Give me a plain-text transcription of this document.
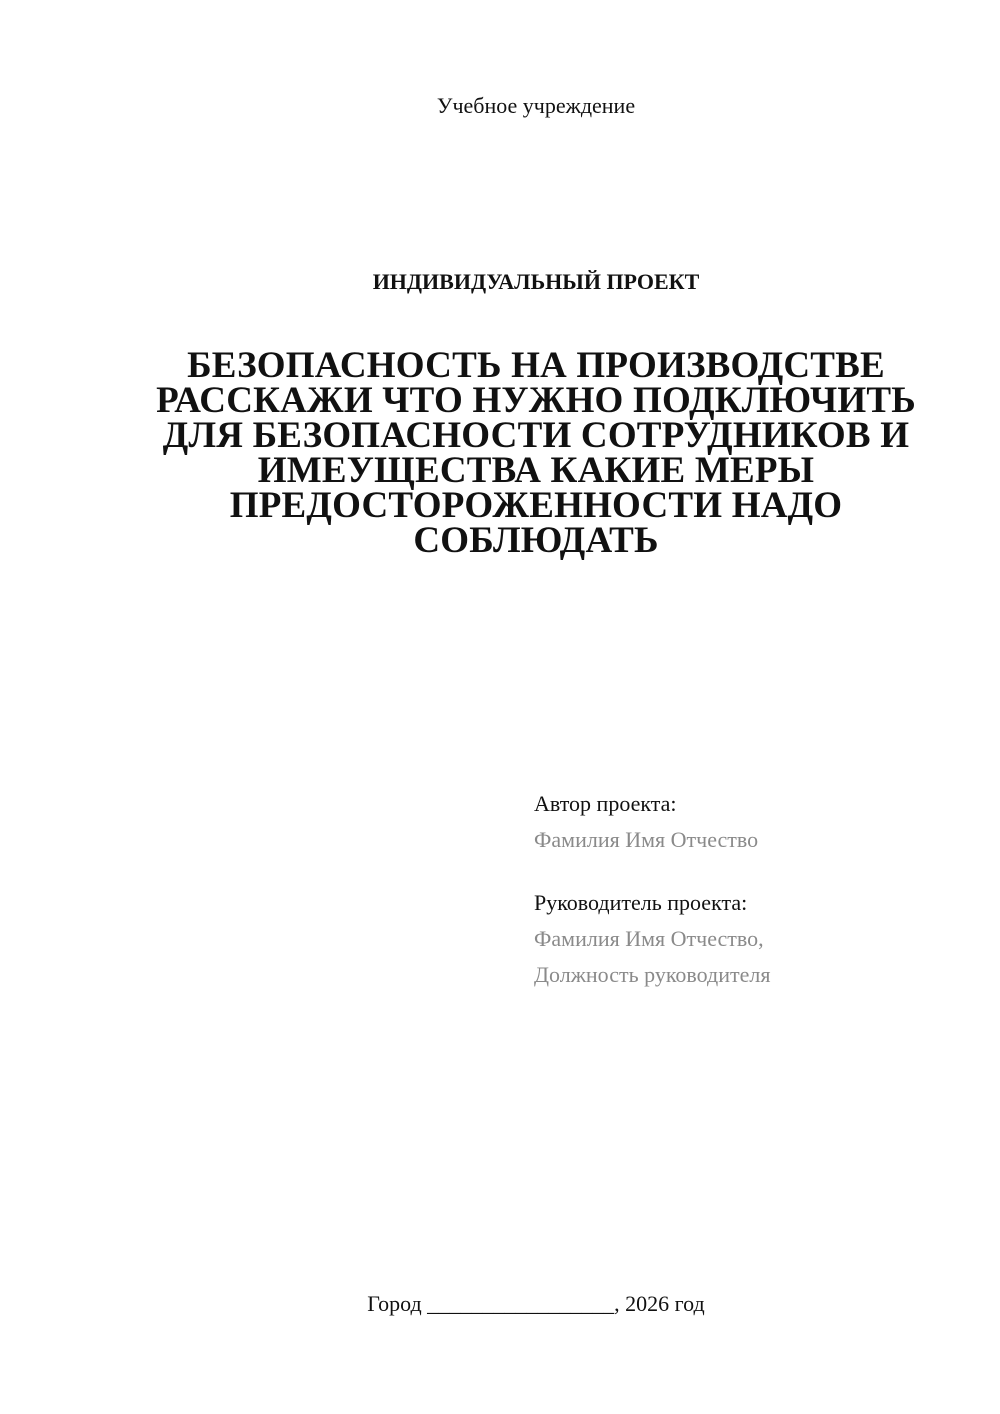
Учебное учреждение
ИНДИВИДУАЛЬНЫЙ ПРОЕКТ
БЕЗОПАСНОСТЬ НА ПРОИЗВОДСТВЕ РАССКАЖИ ЧТО НУЖНО ПОДКЛЮЧИТЬ ДЛЯ БЕЗОПАСНОСТИ СОТРУДНИКОВ И ИМЕУЩЕСТВА КАКИЕ МЕРЫ ПРЕДОСТОРОЖЕННОСТИ НАДО СОБЛЮДАТЬ
Автор проекта:
Фамилия Имя Отчество
Руководитель проекта:
Фамилия Имя Отчество,
Должность руководителя
Город _________________, 2026 год
